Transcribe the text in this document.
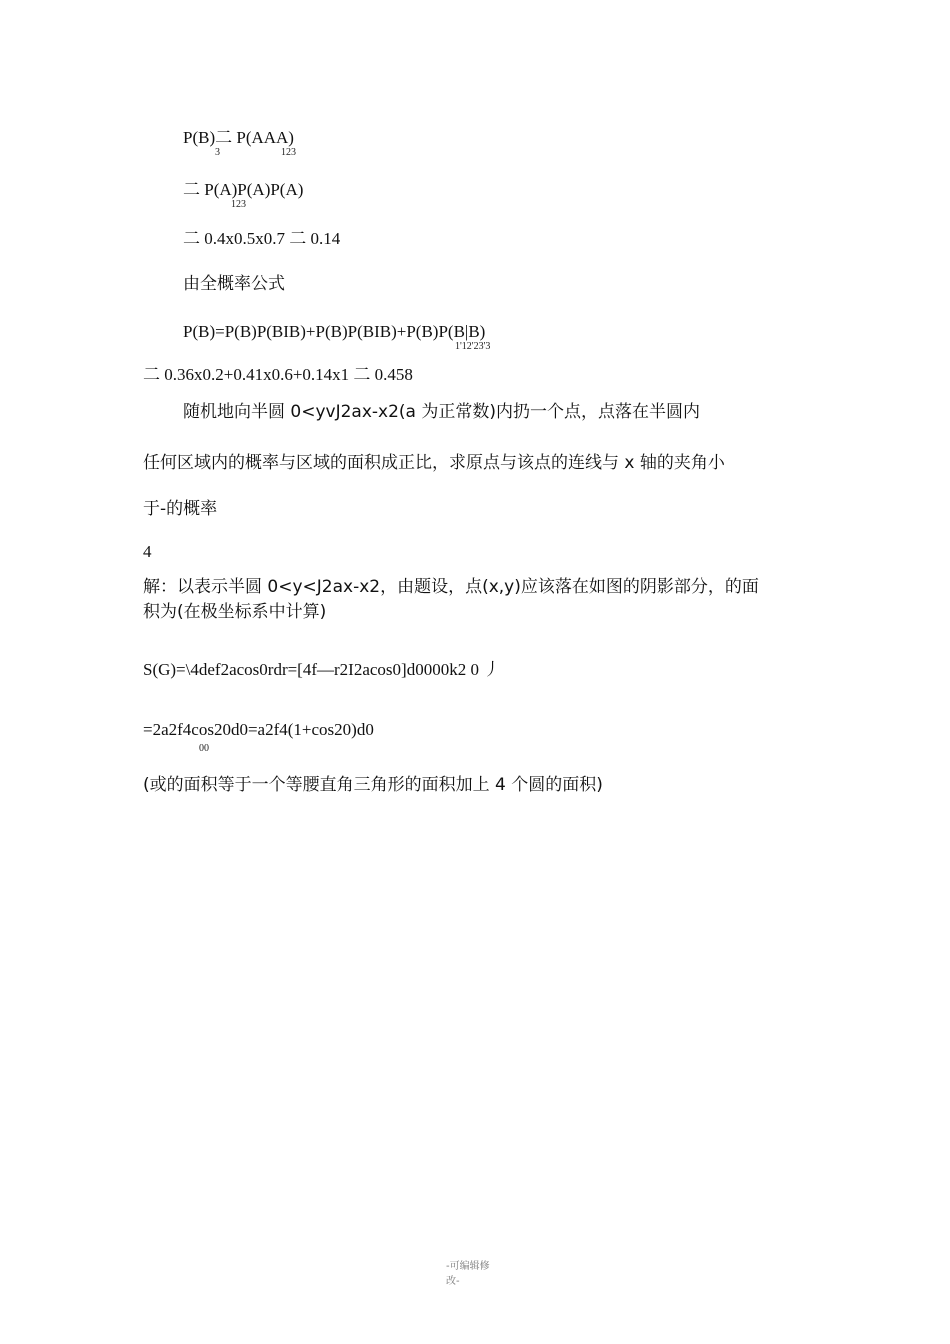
P(B)二 P(AAA)
3	123
二 P(A)P(A)P(A)
123
二 0.4x0.5x0.7 二 0.14
由全概率公式
P(B)=P(B)P(BIB)+P(B)P(BIB)+P(B)P(B|B)
1'12'23'3
二 0.36x0.2+0.41x0.6+0.14x1 二 0.458
随机地向半圆 0<yvJ2ax-x2(a 为正常数)内扔一个点，点落在半圆内
任何区域内的概率与区域的面积成正比，求原点与该点的连线与 x 轴的夹角小
于-的概率
4
解：以表示半圆 0<y<J2ax-x2，由题设，点(x,y)应该落在如图的阴影部分，的面
积为(在极坐标系中计算)
S(G)=\4def2acos0rdr=[4f—r2I2acos0]d0000k2 0 丿
=2a2f4cos20d0=a2f4(1+cos20)d0
00
(或的面积等于一个等腰直角三角形的面积加上 4 个圆的面积)
-可编辑修
改-
